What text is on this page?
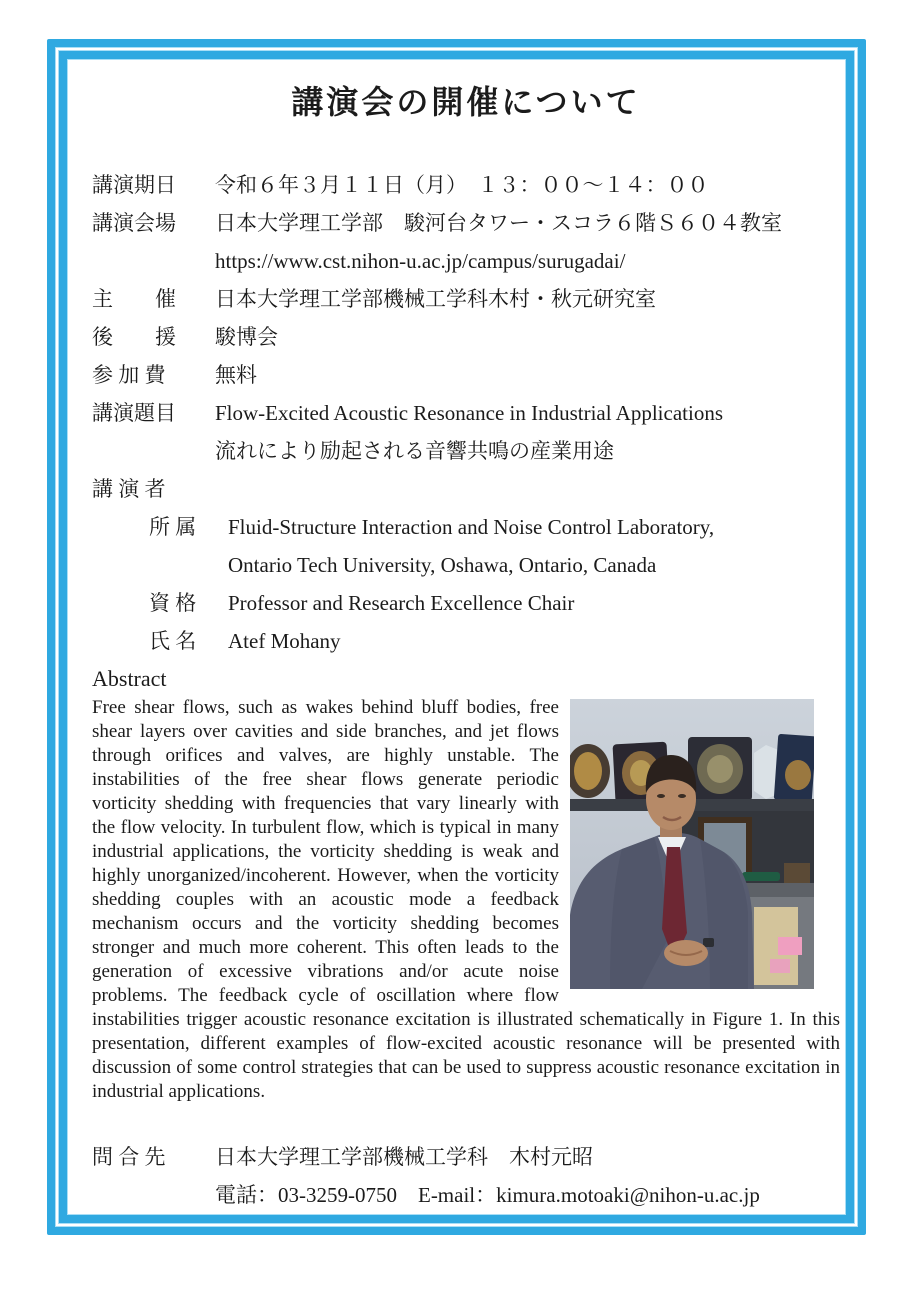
講演会の開催について
講演期日	令和６年３月１１日（月）　１３：００～１４：００
講演会場	日本大学理工学部　駿河台タワー・スコラ６階Ｓ６０４教室
https://www.cst.nihon-u.ac.jp/campus/surugadai/
主　　催	日本大学理工学部機械工学科木村・秋元研究室
後　　援	駿博会
参 加 費	無料
講演題目	Flow-Excited Acoustic Resonance in Industrial Applications
流れにより励起される音響共鳴の産業用途
講 演 者
所 属	Fluid-Structure Interaction and Noise Control Laboratory,
Ontario Tech University, Oshawa, Ontario, Canada
資 格	Professor and Research Excellence Chair
氏 名	Atef Mohany
Abstract
Free shear flows, such as wakes behind bluff bodies, free shear layers over cavities and side branches, and jet flows through orifices and valves, are highly unstable. The instabilities of the free shear flows generate periodic vorticity shedding with frequencies that vary linearly with the flow velocity. In turbulent flow, which is typical in many industrial applications, the vorticity shedding is weak and highly unorganized/incoherent. However, when the vorticity shedding couples with an acoustic mode a feedback mechanism occurs and the vorticity shedding becomes stronger and much more coherent. This often leads to the generation of excessive vibrations and/or acute noise problems. The feedback cycle of oscillation where flow instabilities trigger acoustic resonance excitation is illustrated schematically in Figure 1. In this presentation, different examples of flow-excited acoustic resonance will be presented with discussion of some control strategies that can be used to suppress acoustic resonance excitation in industrial applications.
問 合 先	日本大学理工学部機械工学科　木村元昭
電話：03-3259-0750　E-mail：kimura.motoaki@nihon-u.ac.jp
